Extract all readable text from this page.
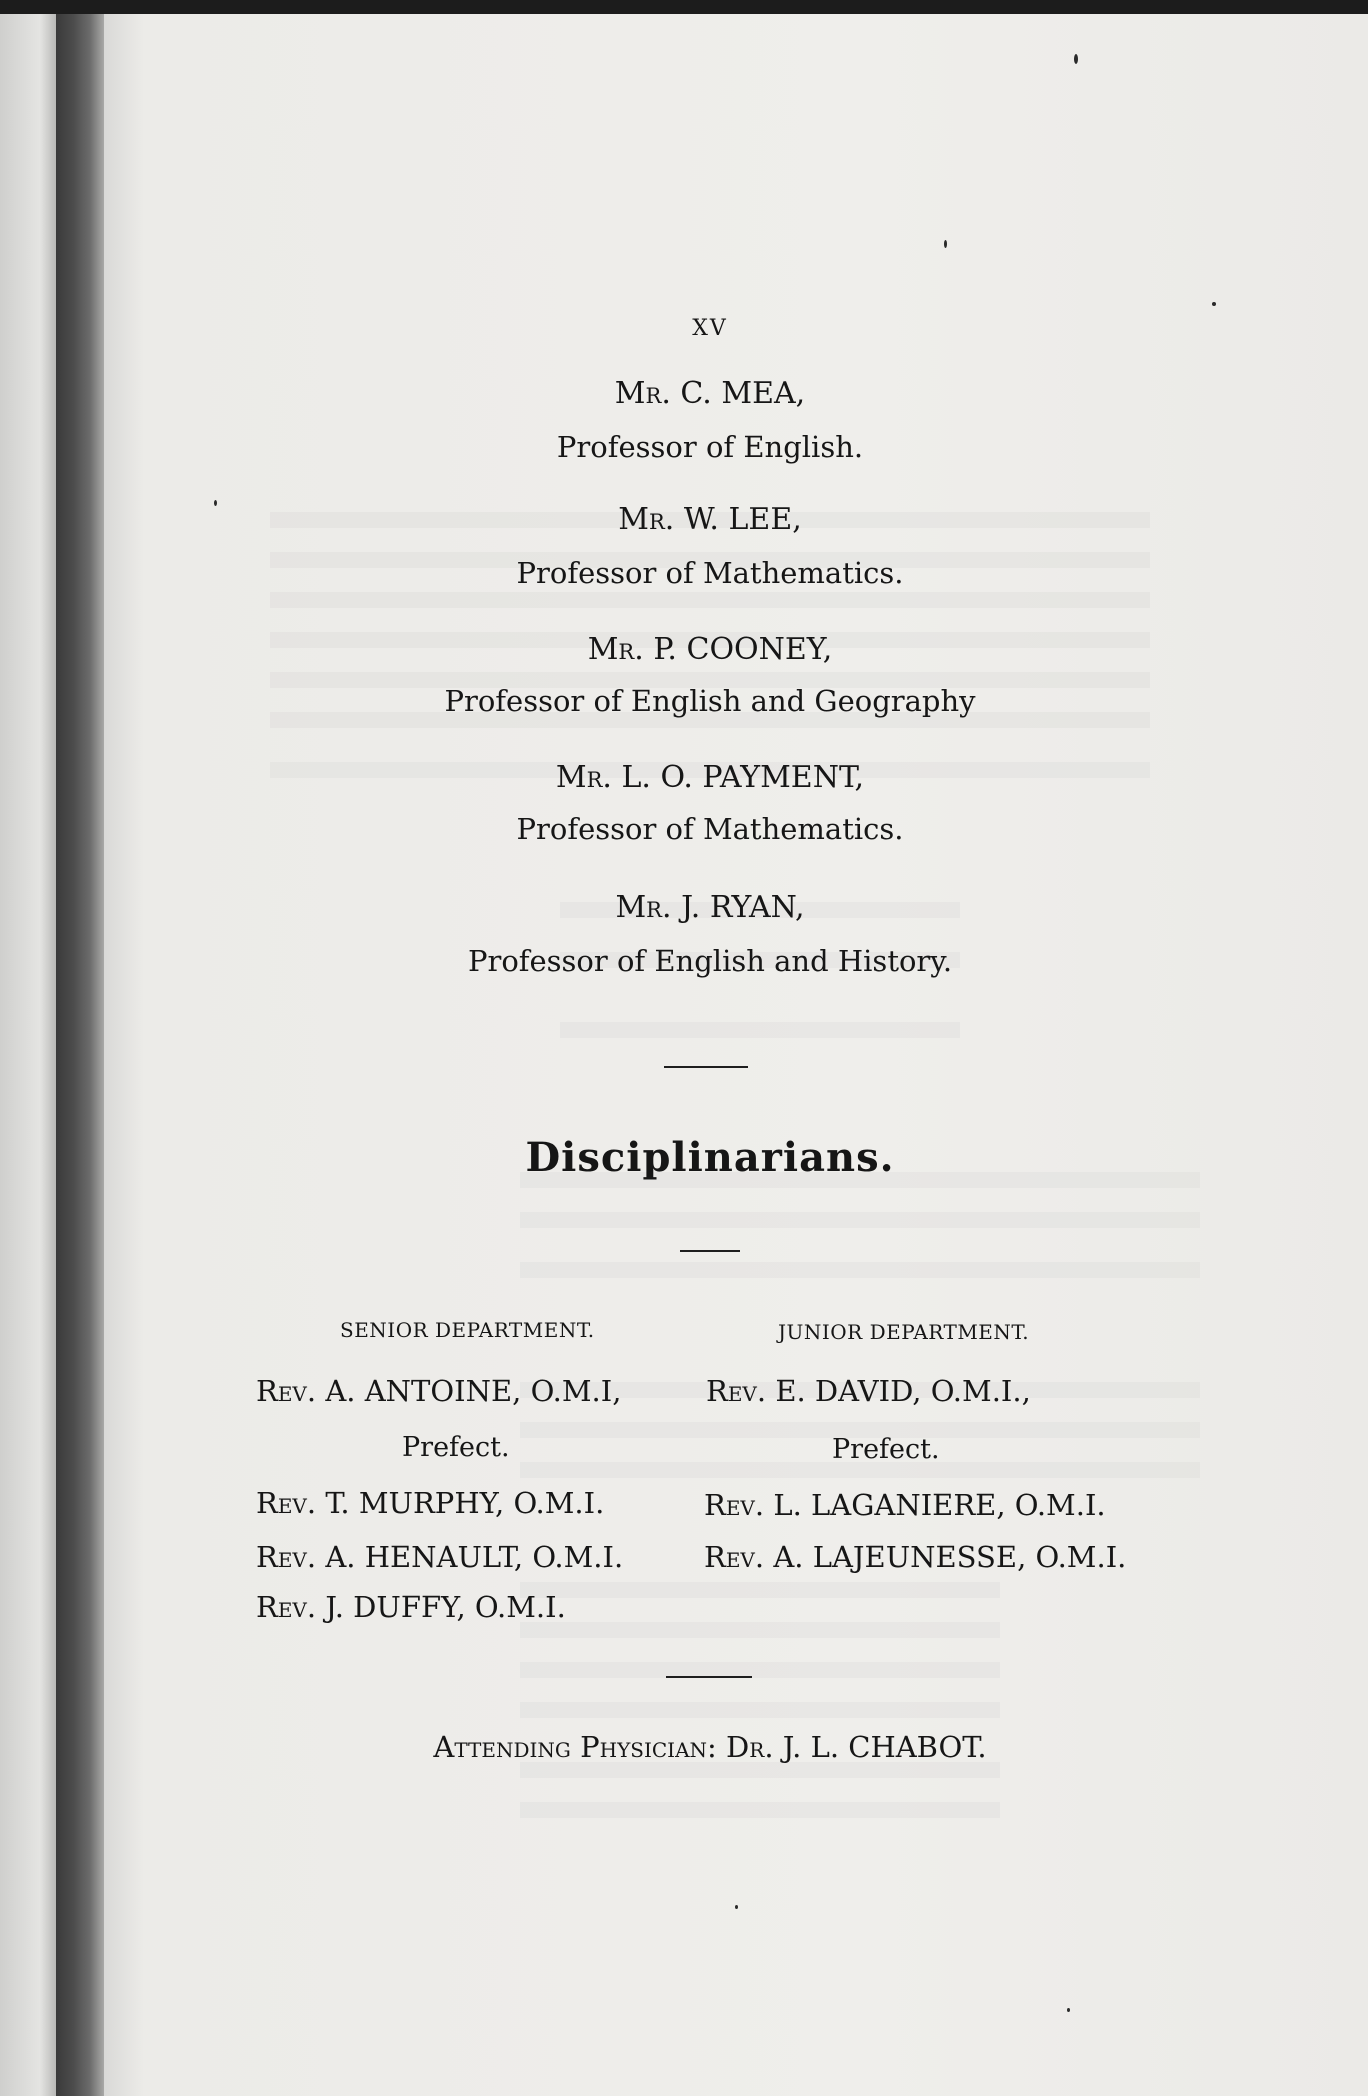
XV

Mr. C. MEA,

Professor of English.

Mr. W. LEE,

Professor of Mathematics.

Mr. P. COONEY,

Professor of English and Geography

Mr. L. O. PAYMENT,

Professor of Mathematics.

Mr. J. RYAN,

Professor of English and History.

Disciplinarians.

SENIOR DEPARTMENT.

Rev. A. ANTOINE, O.M.I,

Prefect.

Rev. T. MURPHY, O.M.I.

Rev. A. HENAULT, O.M.I.

Rev. J. DUFFY, O.M.I.

JUNIOR DEPARTMENT.

Rev. E. DAVID, O.M.I.,

Prefect.

Rev. L. LAGANIERE, O.M.I.

Rev. A. LAJEUNESSE, O.M.I.

Attending Physician: Dr. J. L. CHABOT.
